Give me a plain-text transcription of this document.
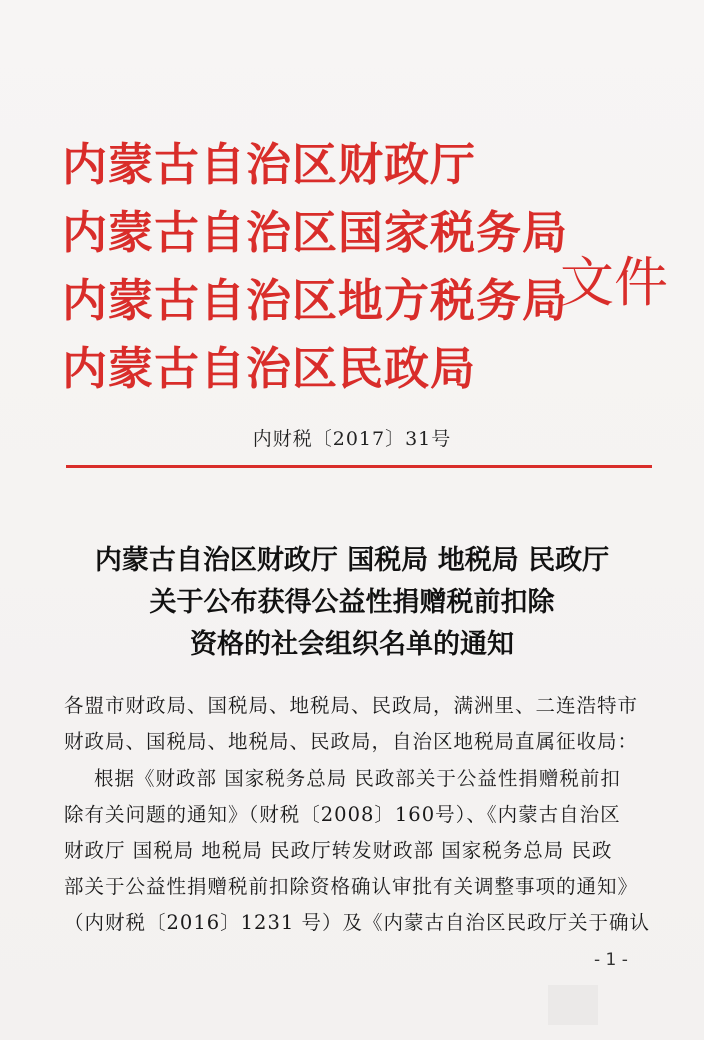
内蒙古自治区财政厅
内蒙古自治区国家税务局
内蒙古自治区地方税务局
内蒙古自治区民政局
文件
内财税〔2017〕31号
内蒙古自治区财政厅 国税局 地税局 民政厅
关于公布获得公益性捐赠税前扣除
资格的社会组织名单的通知

各盟市财政局、国税局、地税局、民政局，满洲里、二连浩特市

财政局、国税局、地税局、民政局，自治区地税局直属征收局：

根据《财政部 国家税务总局 民政部关于公益性捐赠税前扣

除有关问题的通知》（财税〔2008〕160号）、《内蒙古自治区

财政厅 国税局 地税局 民政厅转发财政部 国家税务总局 民政

部关于公益性捐赠税前扣除资格确认审批有关调整事项的通知》

（内财税〔2016〕1231 号）及《内蒙古自治区民政厅关于确认

- 1 -
